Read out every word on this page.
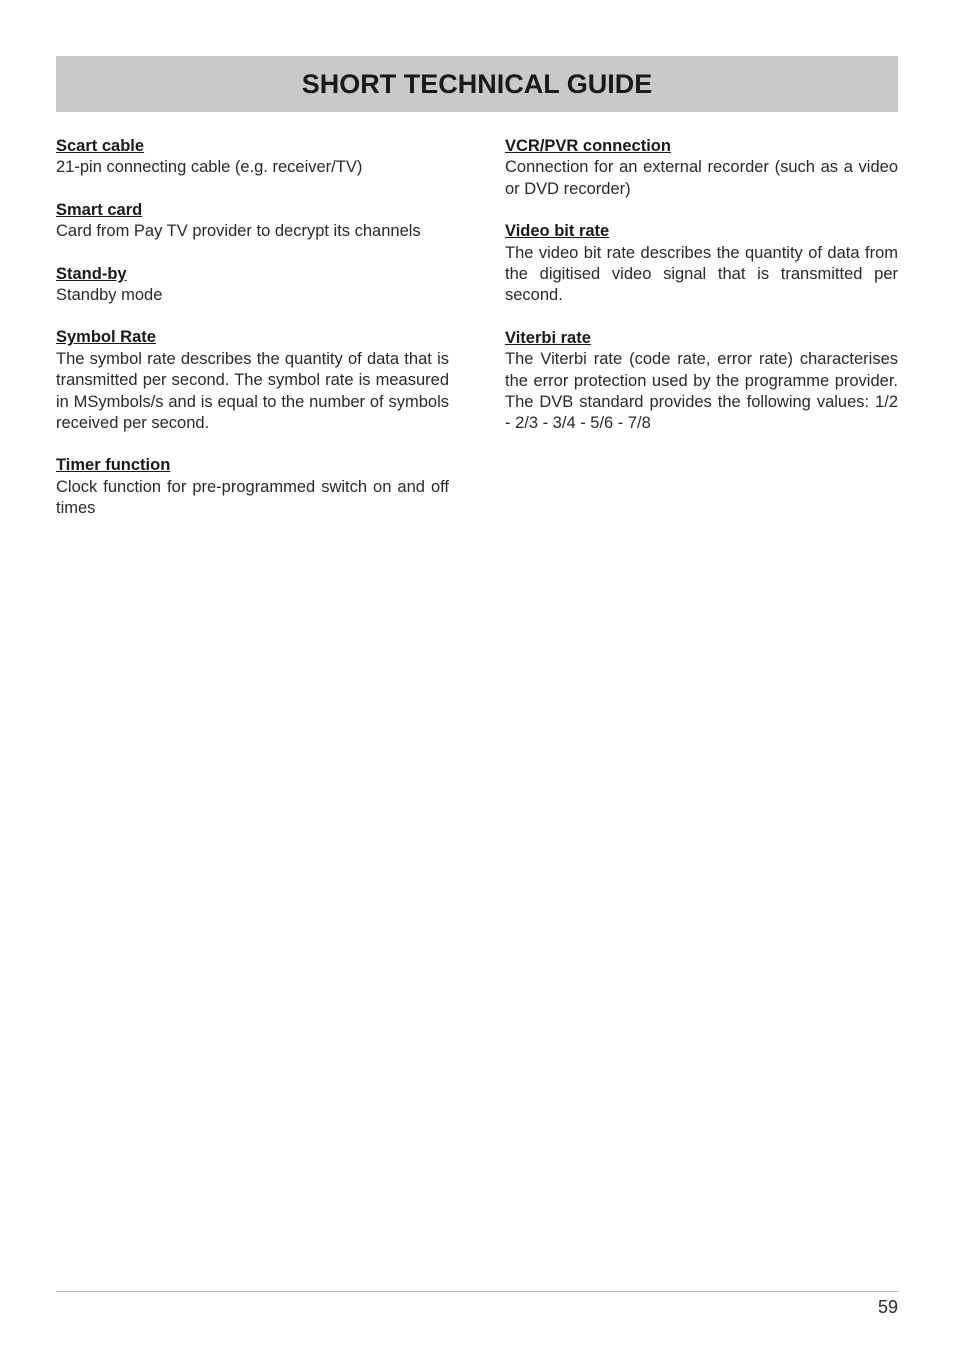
SHORT TECHNICAL GUIDE

Scart cable

21-pin connecting cable (e.g. receiver/TV)

Smart card

Card from Pay TV provider to decrypt its channels

Stand-by

Standby mode

Symbol Rate

The symbol rate describes the quantity of data that is transmitted per second. The symbol rate is measured in MSymbols/s and is equal to the number of symbols received per second.

Timer function

Clock function for pre-programmed switch on and off times

VCR/PVR connection

Connection for an external recorder (such as a video or DVD recorder)

Video bit rate

The video bit rate describes the quantity of data from the digitised video signal that is transmitted per second.

Viterbi rate

The Viterbi rate (code rate, error rate) characterises the error protection used by the programme provider. The DVB standard provides the following values: 1/2 - 2/3 - 3/4 - 5/6 - 7/8

59
